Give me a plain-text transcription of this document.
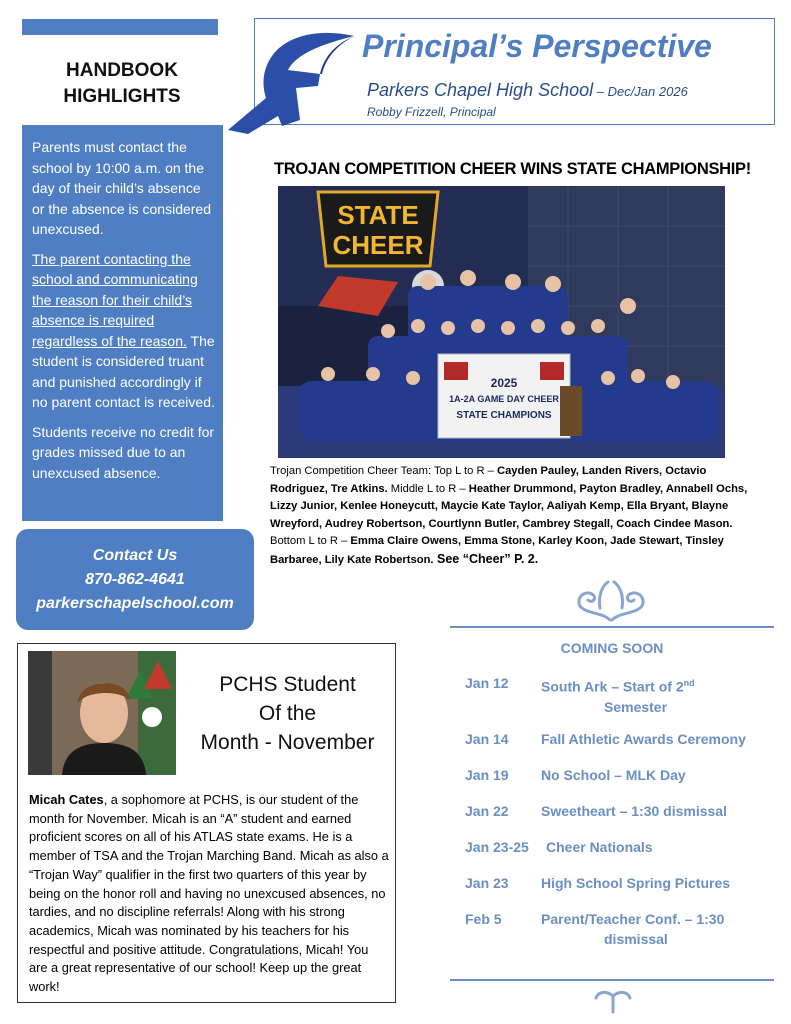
HANDBOOK
HIGHLIGHTS

Parents must contact the school by 10:00 a.m. on the day of their child’s absence or the absence is considered unexcused.

The parent contacting the school and communicating the reason for their child’s absence is required regardless of the reason. The student is considered truant and punished accordingly if no parent contact is received.

Students receive no credit for grades missed due to an unexcused absence.

Contact Us
870-862-4641
parkerschapelschool.com
Principal’s Perspective
Parkers Chapel High School – Dec/Jan 2026
Robby Frizzell, Principal
TROJAN COMPETITION CHEER WINS STATE CHAMPIONSHIP!
STATE
CHEER
2025
1A-2A GAME DAY CHEER
STATE CHAMPIONS
Trojan Competition Cheer Team: Top L to R – Cayden Pauley, Landen Rivers, Octavio Rodriguez, Tre Atkins. Middle L to R – Heather Drummond, Payton Bradley, Annabell Ochs, Lizzy Junior, Kenlee Honeycutt, Maycie Kate Taylor, Aaliyah Kemp, Ella Bryant, Blayne Wreyford, Audrey Robertson, Courtlynn Butler, Cambrey Stegall, Coach Cindee Mason. Bottom L to R – Emma Claire Owens, Emma Stone, Karley Koon, Jade Stewart, Tinsley Barbaree, Lily Kate Robertson. See “Cheer” P. 2.
COMING SOON
Jan 12	South Ark – Start of 2nd
Semester
Jan 14	Fall Athletic Awards Ceremony
Jan 19	No School – MLK Day
Jan 22	Sweetheart – 1:30 dismissal
Jan 23-25	Cheer Nationals
Jan 23	High School Spring Pictures
Feb 5	Parent/Teacher Conf. – 1:30
dismissal
PCHS Student
Of the
Month - November
Micah Cates, a sophomore at PCHS, is our student of the month for November. Micah is an “A” student and earned proficient scores on all of his ATLAS state exams. He is a member of TSA and the Trojan Marching Band. Micah as also a “Trojan Way” qualifier in the first two quarters of this year by being on the honor roll and having no unexcused absences, no tardies, and no discipline referrals! Along with his strong academics, Micah was nominated by his teachers for his respectful and positive attitude. Congratulations, Micah! You are a great representative of our school! Keep up the great work!
